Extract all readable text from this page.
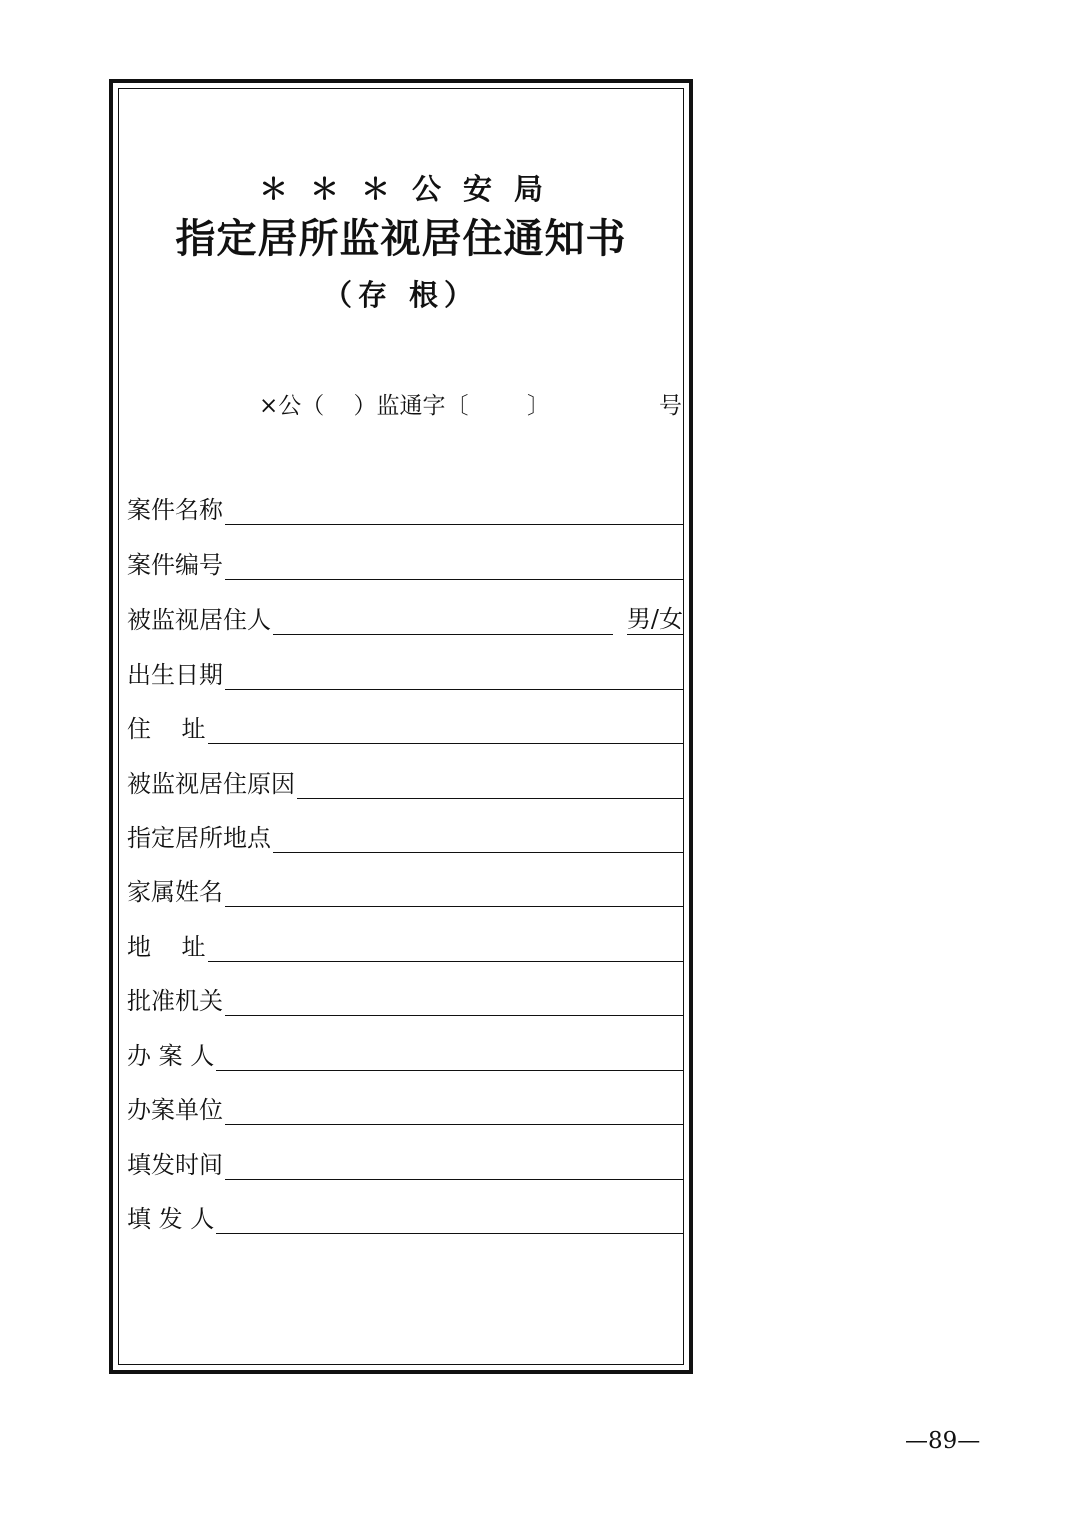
＊＊＊公安局
指定居所监视居住通知书
（存 根）
×公（    ）监通字〔        〕	号
案件名称
案件编号
被监视居住人	男/女
出生日期
住    址
被监视居住原因
指定居所地点
家属姓名
地    址
批准机关
办 案 人
办案单位
填发时间
填 发 人
—89—
